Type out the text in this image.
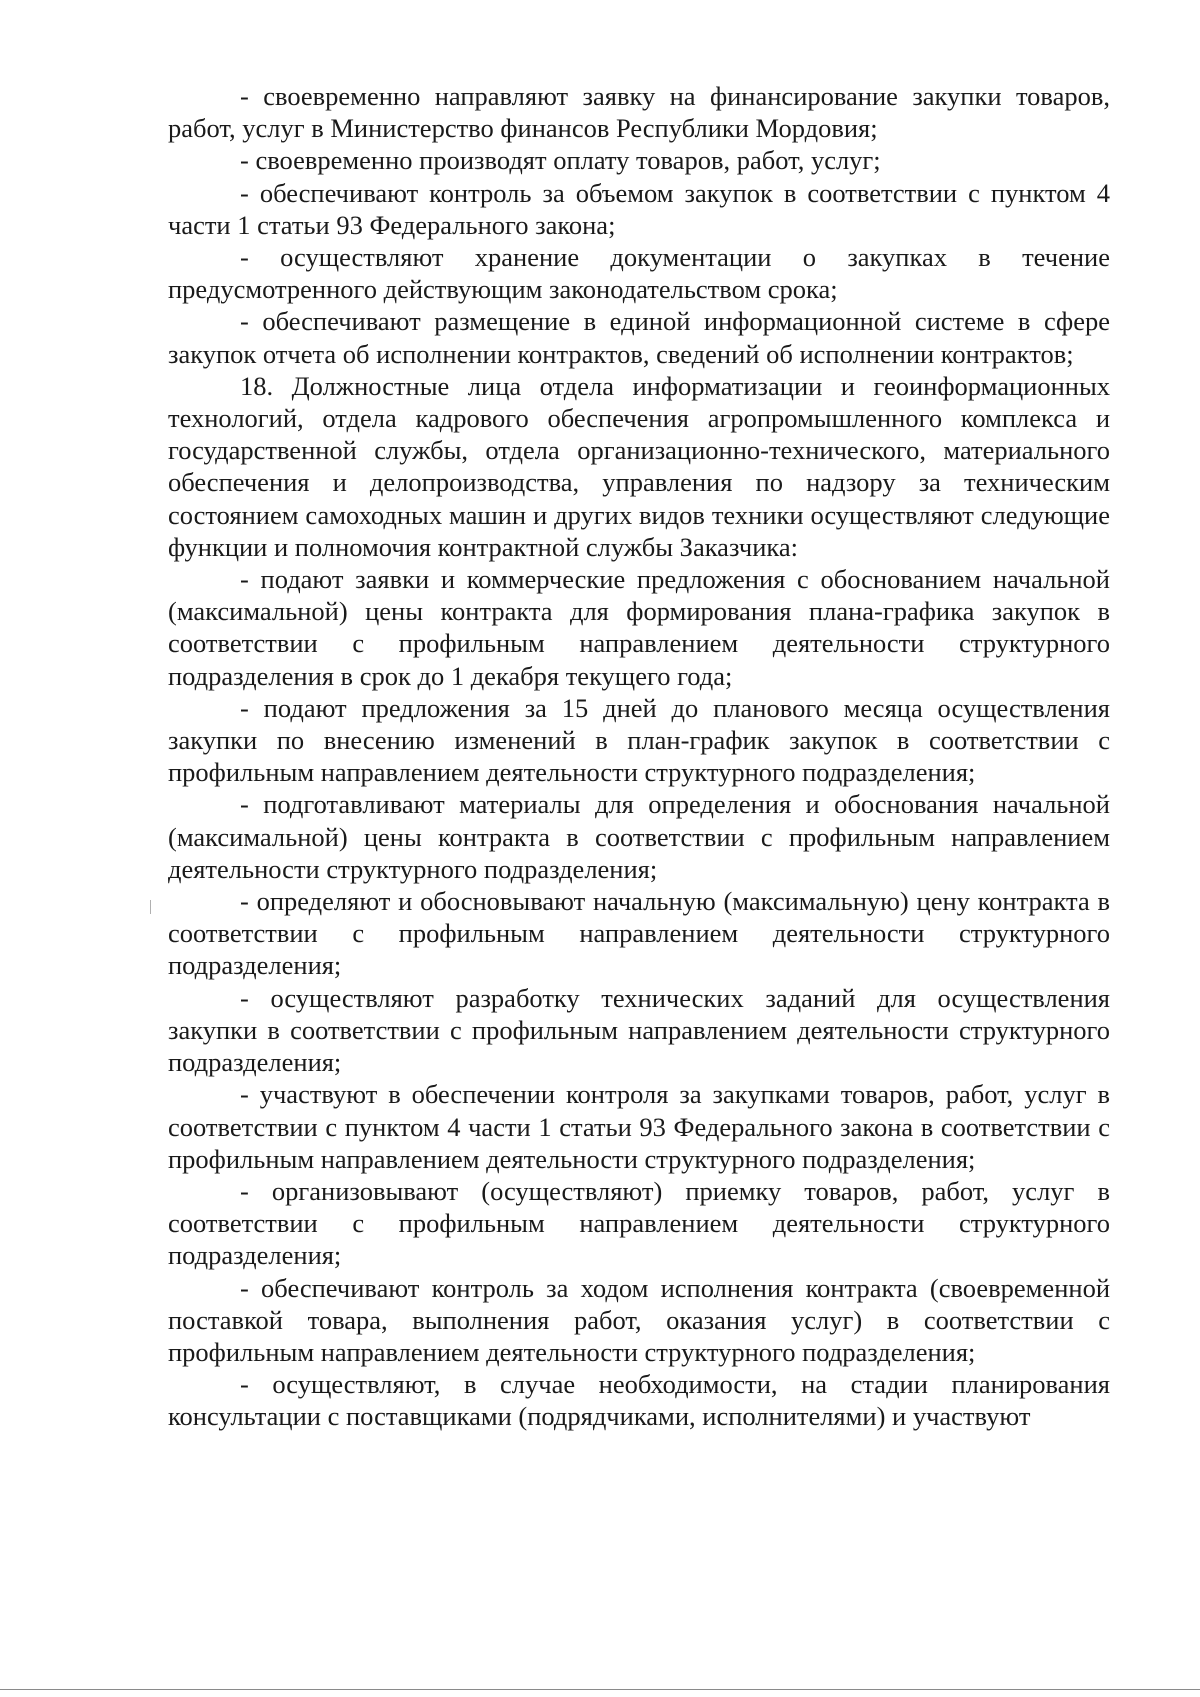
- своевременно направляют заявку на финансирование закупки товаров, работ, услуг в Министерство финансов Республики Мордовия;

- своевременно производят оплату товаров, работ, услуг;

- обеспечивают контроль за объемом закупок в соответствии с пунктом 4 части 1 статьи 93 Федерального закона;

- осуществляют хранение документации о закупках в течение предусмотренного действующим законодательством срока;

- обеспечивают размещение в единой информационной системе в сфере закупок отчета об исполнении контрактов, сведений об исполнении контрактов;

18. Должностные лица отдела информатизации и геоинформационных технологий, отдела кадрового обеспечения агропромышленного комплекса и государственной службы, отдела организационно-технического, материального обеспечения и делопроизводства, управления по надзору за техническим состоянием самоходных машин и других видов техники осуществляют следующие функции и полномочия контрактной службы Заказчика:

- подают заявки и коммерческие предложения с обоснованием начальной (максимальной) цены контракта для формирования плана-графика закупок в соответствии с профильным направлением деятельности структурного подразделения в срок до 1 декабря текущего года;

- подают предложения за 15 дней до планового месяца осуществления закупки по внесению изменений в план-график закупок в соответствии с профильным направлением деятельности структурного подразделения;

- подготавливают материалы для определения и обоснования начальной (максимальной) цены контракта в соответствии с профильным направлением деятельности структурного подразделения;

- определяют и обосновывают начальную (максимальную) цену контракта в соответствии с профильным направлением деятельности структурного подразделения;

- осуществляют разработку технических заданий для осуществления закупки в соответствии с профильным направлением деятельности структурного подразделения;

- участвуют в обеспечении контроля за закупками товаров, работ, услуг в соответствии с пунктом 4 части 1 статьи 93 Федерального закона в соответствии с профильным направлением деятельности структурного подразделения;

- организовывают (осуществляют) приемку товаров, работ, услуг в соответствии с профильным направлением деятельности структурного подразделения;

- обеспечивают контроль за ходом исполнения контракта (своевременной поставкой товара, выполнения работ, оказания услуг) в соответствии с профильным направлением деятельности структурного подразделения;

- осуществляют, в случае необходимости, на стадии планирования консультации с поставщиками (подрядчиками, исполнителями) и участвуют
